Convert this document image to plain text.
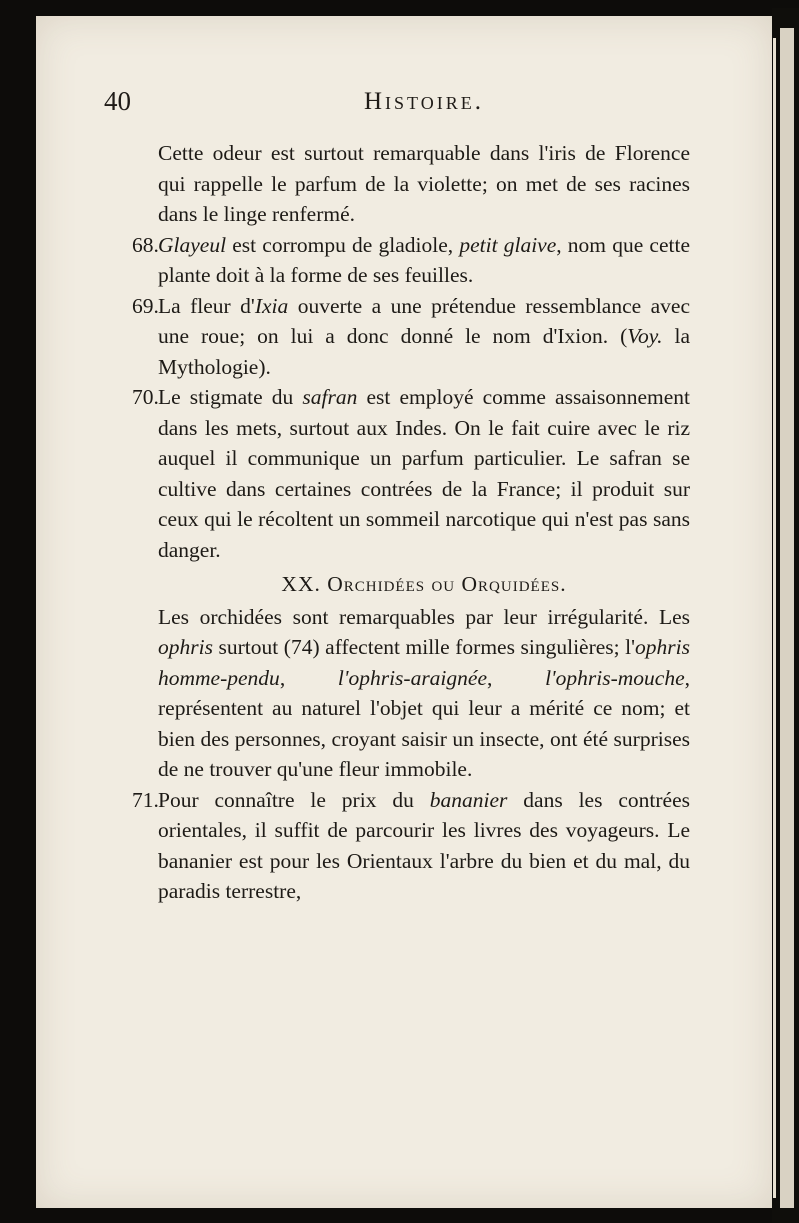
40	Histoire.

Cette odeur est surtout remarquable dans l'iris de Florence qui rappelle le parfum de la violette; on met de ses racines dans le linge renfermé.

68.Glayeul est corrompu de gladiole, petit glaive, nom que cette plante doit à la forme de ses feuilles.

69.La fleur d'Ixia ouverte a une prétendue ressemblance avec une roue; on lui a donc donné le nom d'Ixion. (Voy. la Mythologie).

70.Le stigmate du safran est employé comme assaisonnement dans les mets, surtout aux Indes. On le fait cuire avec le riz auquel il communique un parfum particulier. Le safran se cultive dans certaines contrées de la France; il produit sur ceux qui le récoltent un sommeil narcotique qui n'est pas sans danger.

XX. Orchidées ou Orquidées.

Les orchidées sont remarquables par leur irrégularité. Les ophris surtout (74) affectent mille formes singulières; l'ophris homme-pendu, l'ophris-araignée, l'ophris-mouche, représentent au naturel l'objet qui leur a mérité ce nom; et bien des personnes, croyant saisir un insecte, ont été surprises de ne trouver qu'une fleur immobile.

71.Pour connaître le prix du bananier dans les contrées orientales, il suffit de parcourir les livres des voyageurs. Le bananier est pour les Orientaux l'arbre du bien et du mal, du paradis terrestre,
